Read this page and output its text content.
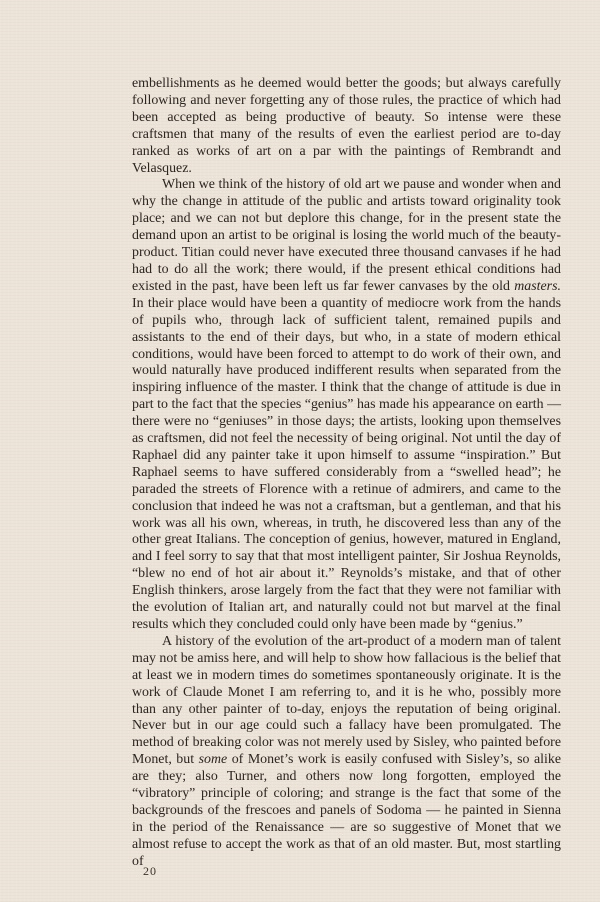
embellishments as he deemed would better the goods; but always carefully following and never forgetting any of those rules, the practice of which had been accepted as being productive of beauty. So intense were these craftsmen that many of the results of even the earliest period are to-day ranked as works of art on a par with the paintings of Rembrandt and Velasquez.

When we think of the history of old art we pause and wonder when and why the change in attitude of the public and artists toward originality took place; and we can not but deplore this change, for in the present state the demand upon an artist to be original is losing the world much of the beauty-product. Titian could never have executed three thousand canvases if he had had to do all the work; there would, if the present ethical conditions had existed in the past, have been left us far fewer canvases by the old masters. In their place would have been a quantity of mediocre work from the hands of pupils who, through lack of sufficient talent, remained pupils and assistants to the end of their days, but who, in a state of modern ethical conditions, would have been forced to attempt to do work of their own, and would naturally have produced indifferent results when separated from the inspiring influence of the master. I think that the change of attitude is due in part to the fact that the species “genius” has made his appearance on earth — there were no “geniuses” in those days; the artists, looking upon themselves as craftsmen, did not feel the necessity of being original. Not until the day of Raphael did any painter take it upon himself to assume “inspiration.” But Raphael seems to have suffered considerably from a “swelled head”; he paraded the streets of Florence with a retinue of admirers, and came to the conclusion that indeed he was not a craftsman, but a gentleman, and that his work was all his own, whereas, in truth, he discovered less than any of the other great Italians. The conception of genius, however, matured in England, and I feel sorry to say that that most intelligent painter, Sir Joshua Reynolds, “blew no end of hot air about it.” Reynolds’s mistake, and that of other English thinkers, arose largely from the fact that they were not familiar with the evolution of Italian art, and naturally could not but marvel at the final results which they concluded could only have been made by “genius.”

A history of the evolution of the art-product of a modern man of talent may not be amiss here, and will help to show how fallacious is the belief that at least we in modern times do sometimes spontaneously originate. It is the work of Claude Monet I am referring to, and it is he who, possibly more than any other painter of to-day, enjoys the reputation of being original. Never but in our age could such a fallacy have been promulgated. The method of breaking color was not merely used by Sisley, who painted before Monet, but some of Monet’s work is easily confused with Sisley’s, so alike are they; also Turner, and others now long forgotten, employed the “vibratory” principle of coloring; and strange is the fact that some of the backgrounds of the frescoes and panels of Sodoma — he painted in Sienna in the period of the Renaissance — are so suggestive of Monet that we almost refuse to accept the work as that of an old master. But, most startling of

20
